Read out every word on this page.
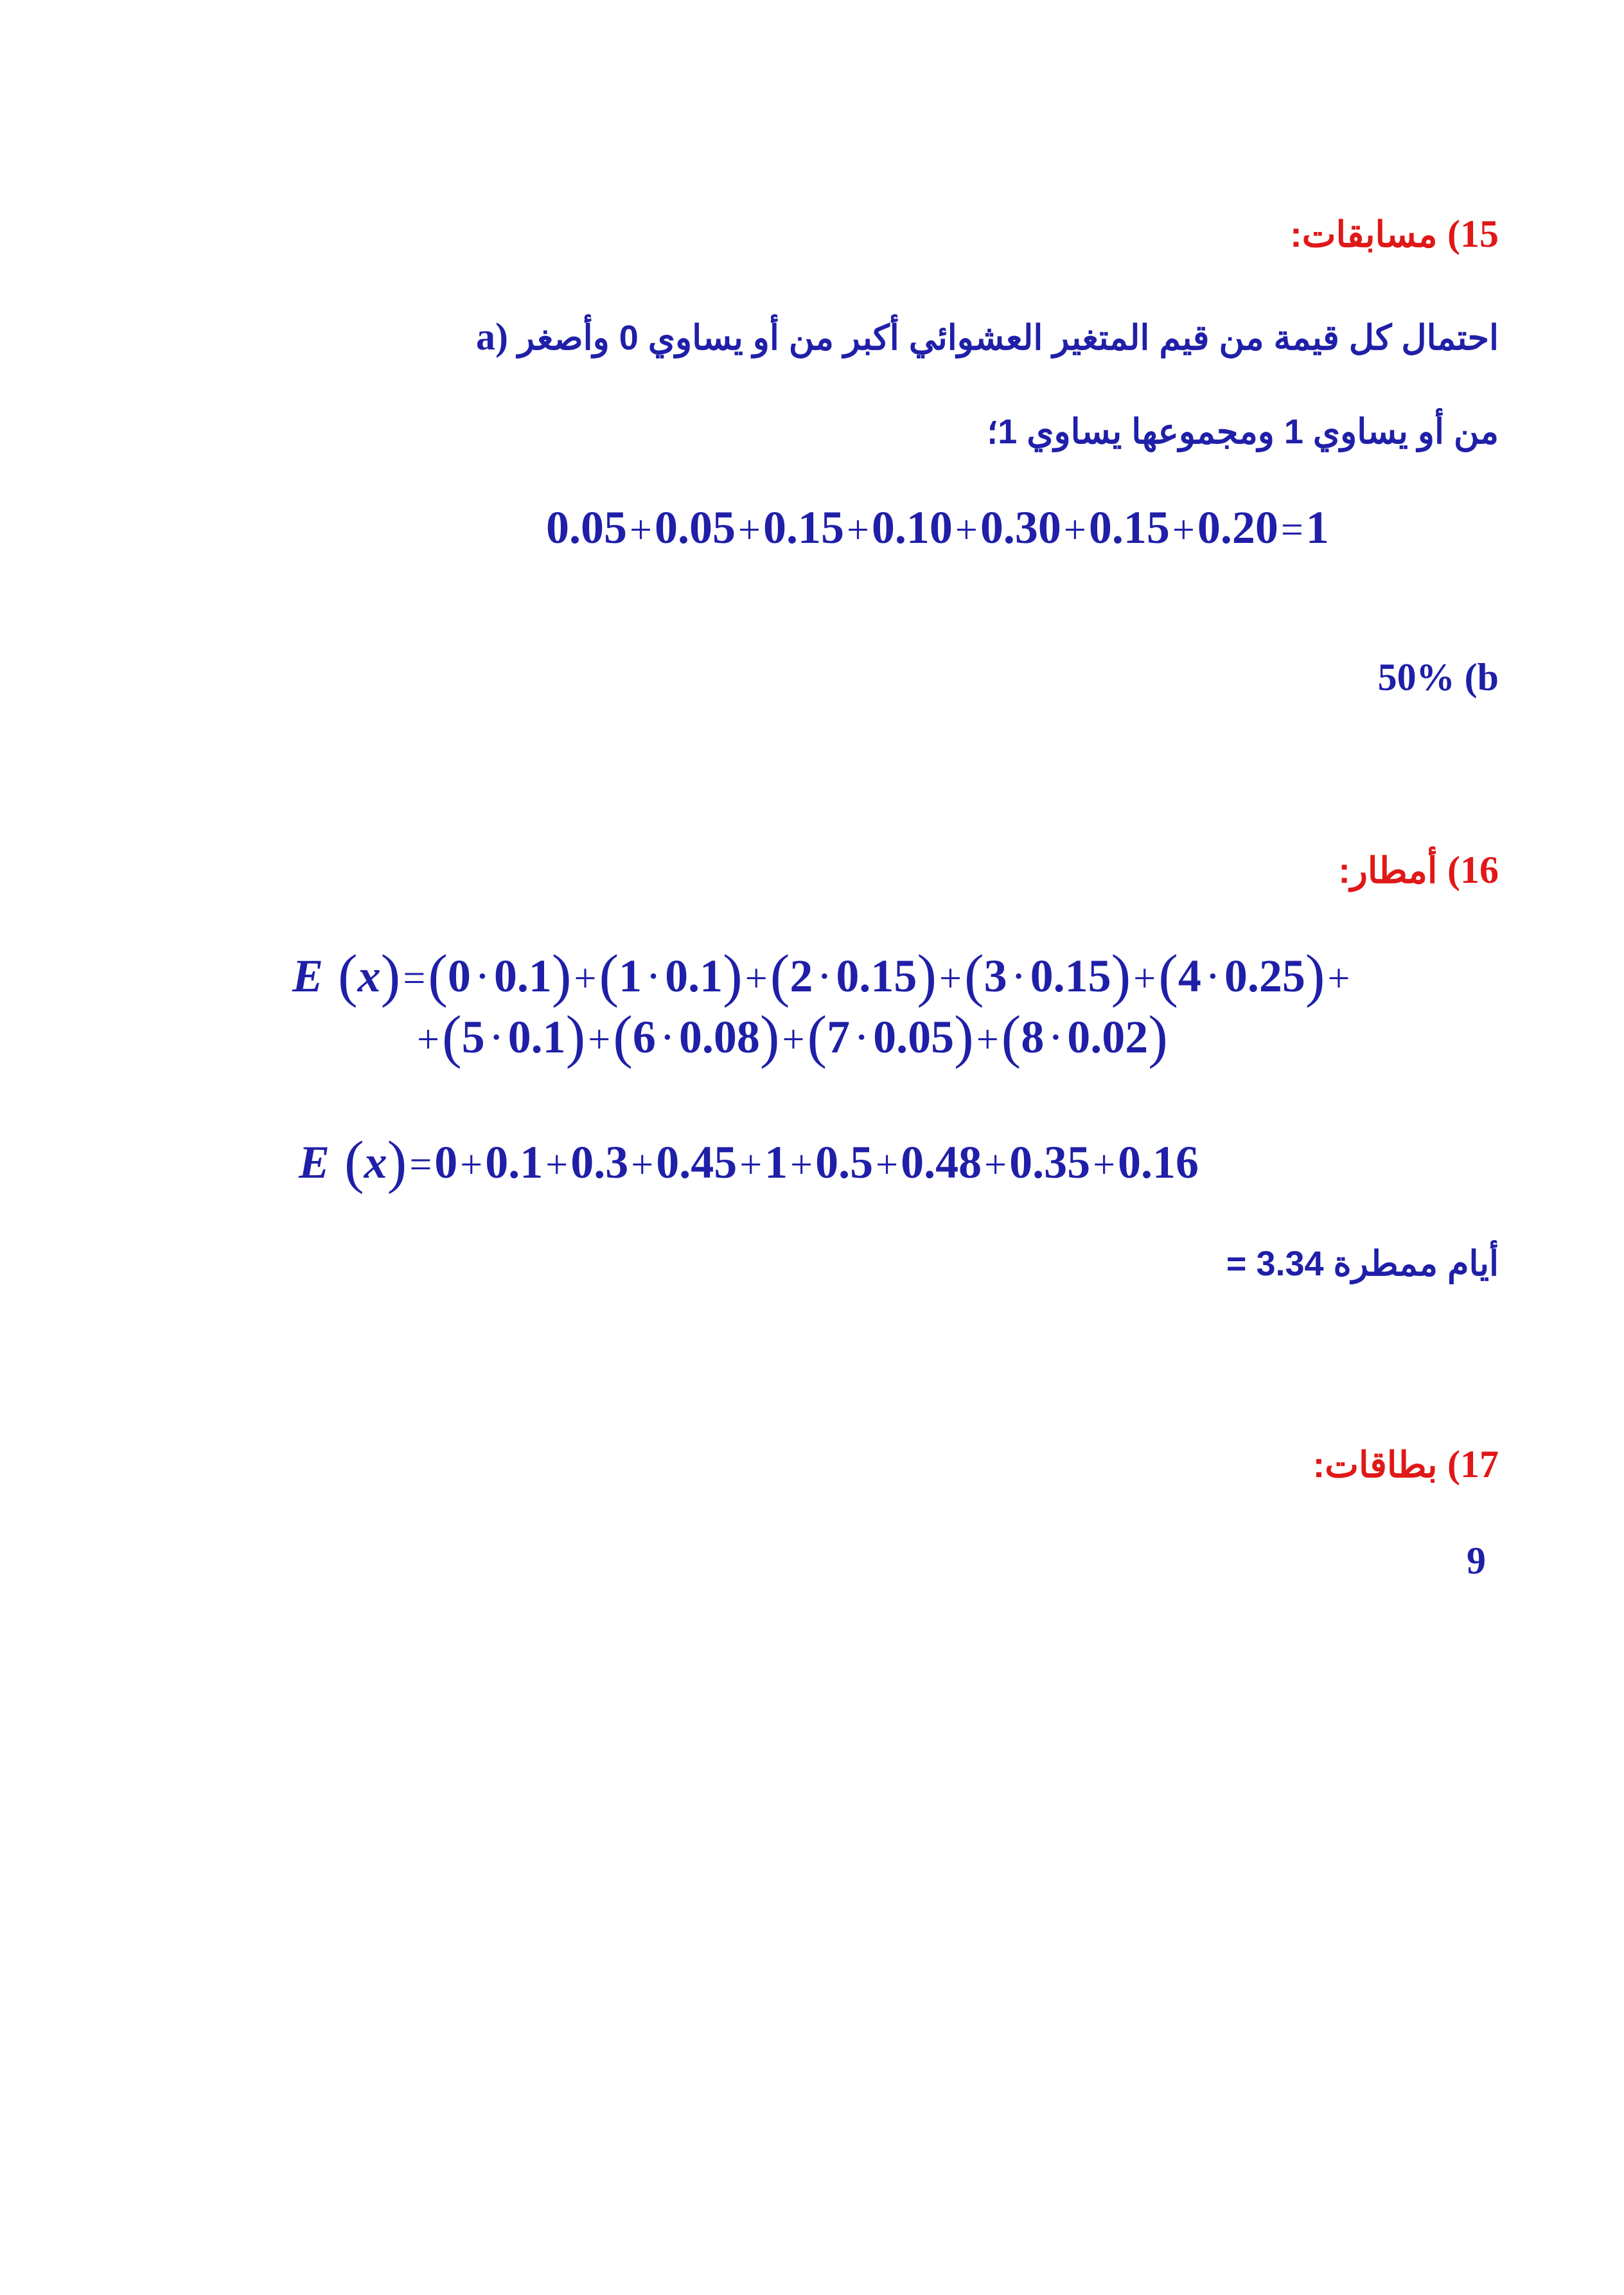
15) مسابقات:
a) احتمال كل قيمة من قيم المتغير العشوائي أكبر من أو يساوي 0 وأصغر
من أو يساوي 1 ومجموعها يساوي 1؛
0.05+0.05+0.15+0.10+0.30+0.15+0.20=1
50% (b
16) أمطار:
E (x)=(0·0.1)+(1·0.1)+(2·0.15)+(3·0.15)+(4·0.25)+
+(5·0.1)+(6·0.08)+(7·0.05)+(8·0.02)
E (x)=0+0.1+0.3+0.45+1+0.5+0.48+0.35+0.16
أيام ممطرة 3.34 =
17) بطاقات:
9
